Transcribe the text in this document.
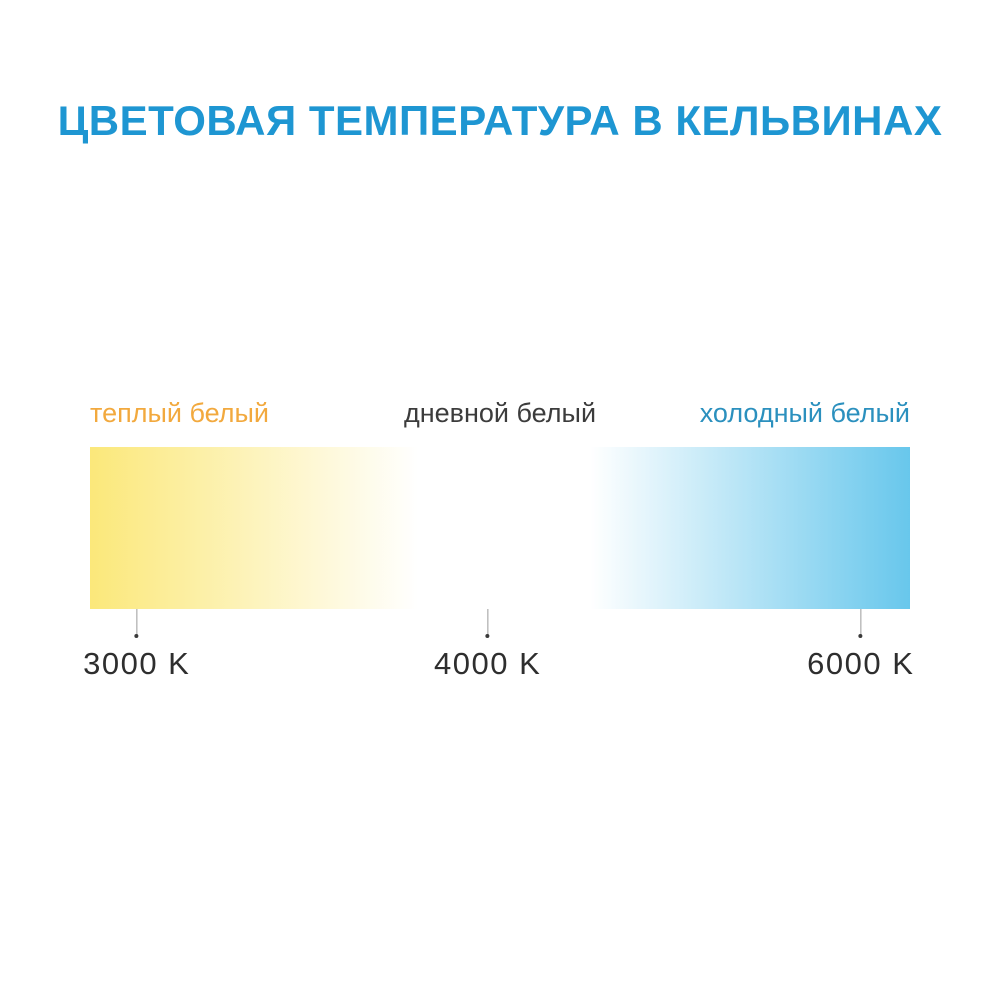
ЦВЕТОВАЯ ТЕМПЕРАТУРА В КЕЛЬВИНАХ
теплый белый	дневной белый	холодный белый
3000 K	4000 K	6000 K
